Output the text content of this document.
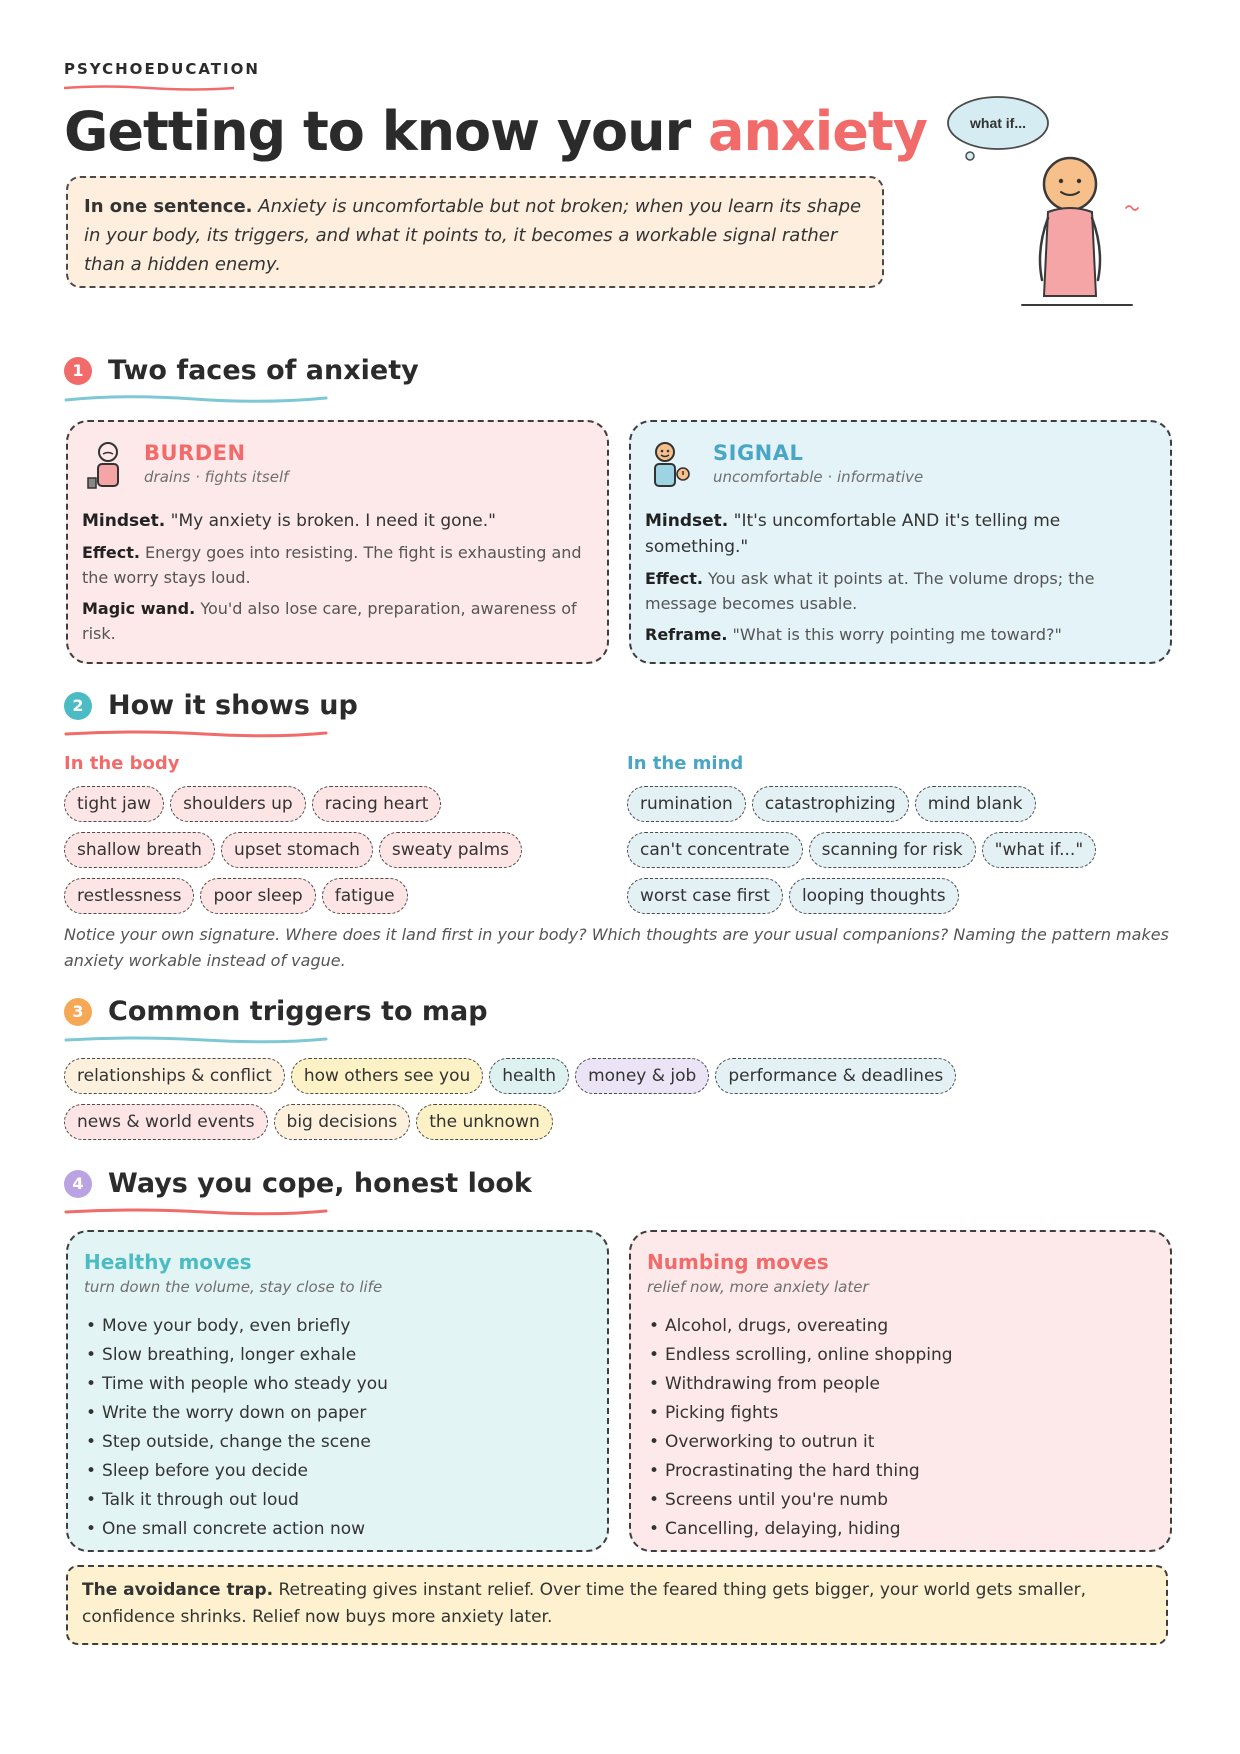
PSYCHOEDUCATION
Getting to know your anxiety
In one sentence. Anxiety is uncomfortable but not broken; when you learn its shape in your body, its triggers, and what it points to, it becomes a workable signal rather than a hidden enemy.
what if...
1 Two faces of anxiety
BURDEN
drains · fights itself

Mindset. "My anxiety is broken. I need it gone."

Effect. Energy goes into resisting. The fight is exhausting and the worry stays loud.

Magic wand. You'd also lose care, preparation, awareness of risk.

SIGNAL
uncomfortable · informative

Mindset. "It's uncomfortable AND it's telling me something."

Effect. You ask what it points at. The volume drops; the message becomes usable.

Reframe. "What is this worry pointing me toward?"

2 How it shows up
In the body	In the mind
tight jaw	shoulders up	racing heart
shallow breath	upset stomach	sweaty palms
restlessness	poor sleep	fatigue
rumination	catastrophizing	mind blank
can't concentrate	scanning for risk	"what if..."
worst case first	looping thoughts
Notice your own signature. Where does it land first in your body? Which thoughts are your usual companions? Naming the pattern makes anxiety workable instead of vague.
3 Common triggers to map
relationships & conflict	how others see you	health	money & job	performance & deadlines
news & world events	big decisions	the unknown
4 Ways you cope, honest look
Healthy moves
turn down the volume, stay close to life
• Move your body, even briefly
• Slow breathing, longer exhale
• Time with people who steady you
• Write the worry down on paper
• Step outside, change the scene
• Sleep before you decide
• Talk it through out loud
• One small concrete action now
Numbing moves
relief now, more anxiety later
• Alcohol, drugs, overeating
• Endless scrolling, online shopping
• Withdrawing from people
• Picking fights
• Overworking to outrun it
• Procrastinating the hard thing
• Screens until you're numb
• Cancelling, delaying, hiding
The avoidance trap. Retreating gives instant relief. Over time the feared thing gets bigger, your world gets smaller, confidence shrinks. Relief now buys more anxiety later.
